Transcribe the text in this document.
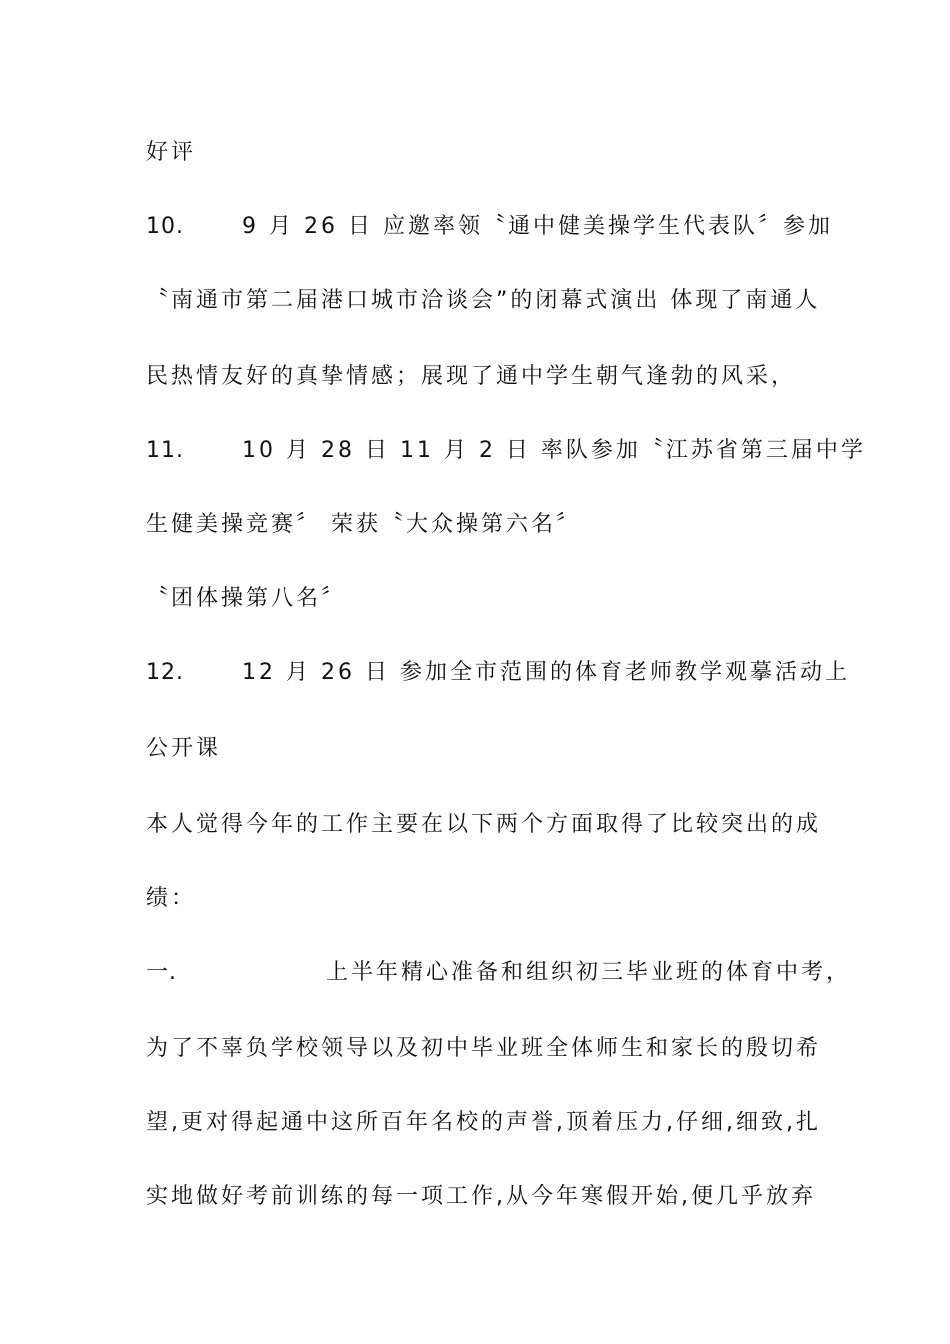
好评
10.	9 月 26 日 应邀率领〝通中健美操学生代表队〞参加
〝南通市第二届港口城市洽谈会”的闭幕式演出 体现了南通人
民热情友好的真挚情感；展现了通中学生朝气逢勃的风采，
11.	10 月 28 日 11 月 2 日 率队参加〝江苏省第三届中学
生健美操竞赛〞 荣获〝大众操第六名〞
〝团体操第八名〞
12.	12 月 26 日 参加全市范围的体育老师教学观摹活动上
公开课
本人觉得今年的工作主要在以下两个方面取得了比较突出的成
绩：
一.	上半年精心准备和组织初三毕业班的体育中考，
为了不辜负学校领导以及初中毕业班全体师生和家长的殷切希
望,更对得起通中这所百年名校的声誉,顶着压力,仔细,细致,扎
实地做好考前训练的每一项工作,从今年寒假开始,便几乎放弃
